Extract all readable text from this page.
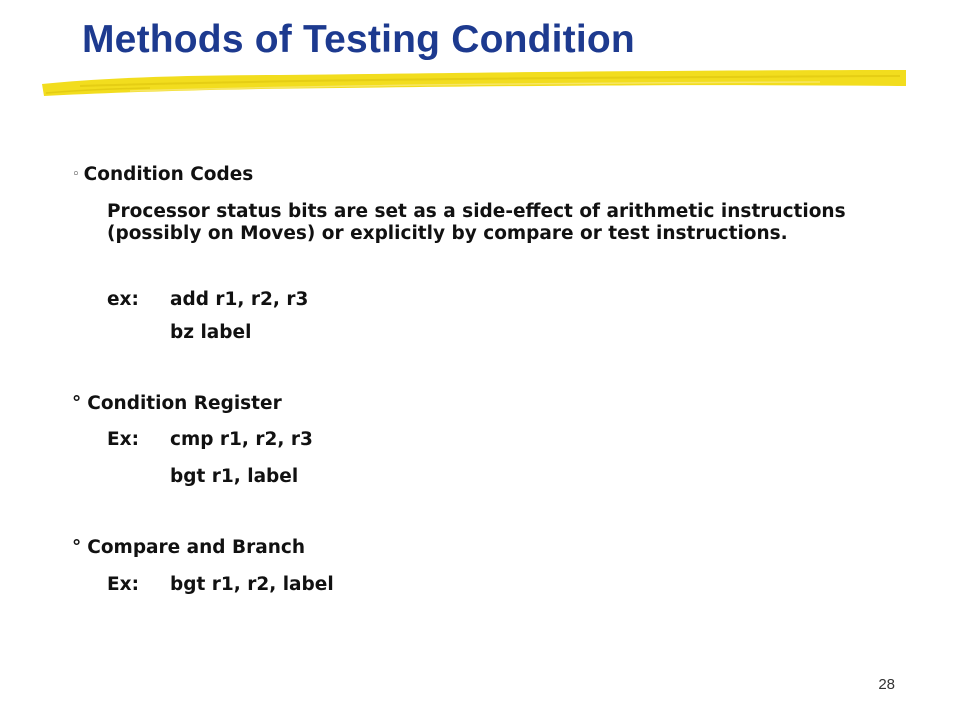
Methods of Testing Condition
◦ Condition Codes
Processor status bits are set as a side-effect of arithmetic instructions (possibly on Moves) or explicitly by compare or test instructions.
ex: add r1, r2, r3
bz label
° Condition Register
Ex: cmp r1, r2, r3
bgt r1, label
° Compare and Branch
Ex: bgt r1, r2, label
28
